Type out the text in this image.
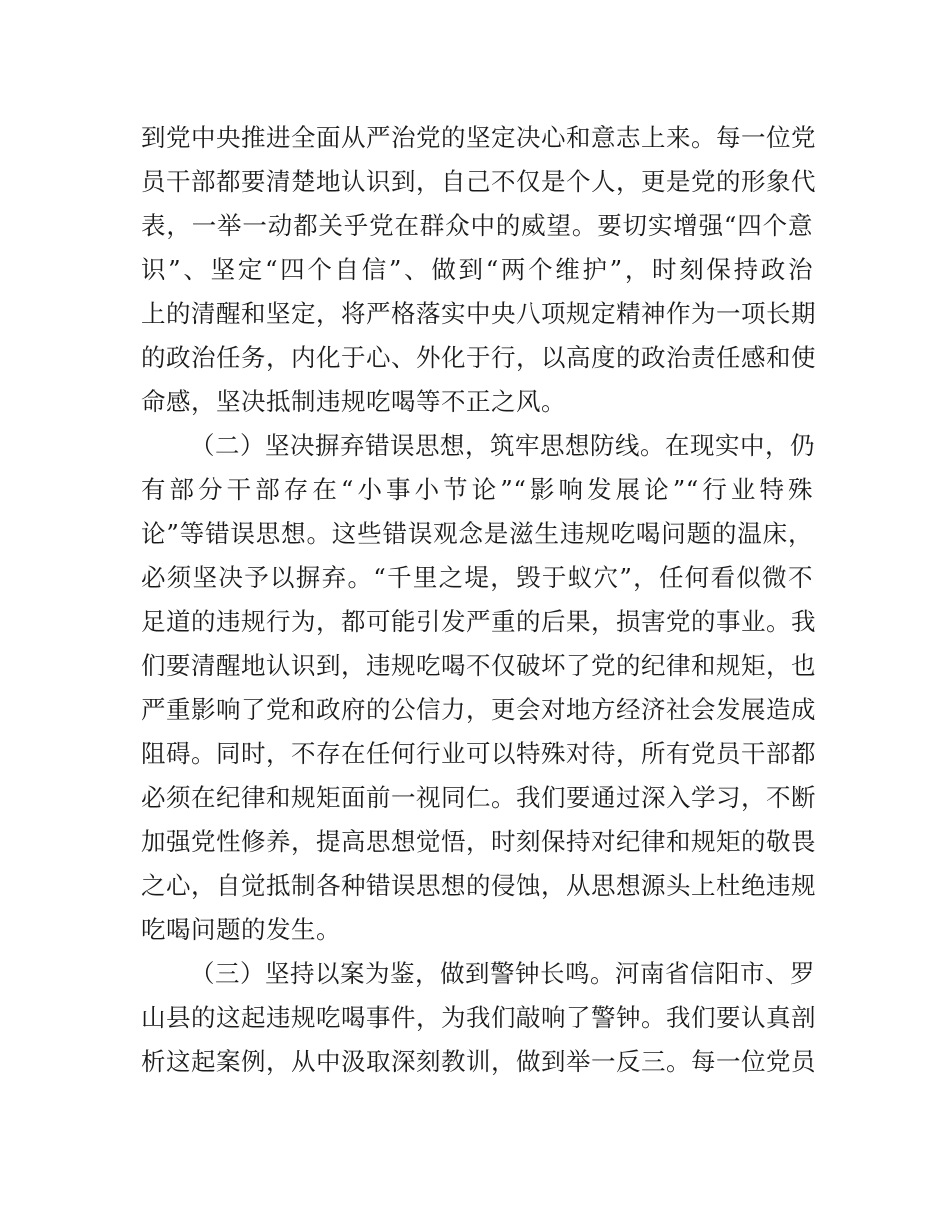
到党中央推进全面从严治党的坚定决心和意志上来。每一位党
员干部都要清楚地认识到，自己不仅是个人，更是党的形象代
表，一举一动都关乎党在群众中的威望。要切实增强“四个意
识”、坚定“四个自信”、做到“两个维护”，时刻保持政治
上的清醒和坚定，将严格落实中央八项规定精神作为一项长期
的政治任务，内化于心、外化于行，以高度的政治责任感和使
命感，坚决抵制违规吃喝等不正之风。
（二）坚决摒弃错误思想，筑牢思想防线。在现实中，仍
有部分干部存在“小事小节论”“影响发展论”“行业特殊
论”等错误思想。这些错误观念是滋生违规吃喝问题的温床，
必须坚决予以摒弃。“千里之堤，毁于蚁穴”，任何看似微不
足道的违规行为，都可能引发严重的后果，损害党的事业。我
们要清醒地认识到，违规吃喝不仅破坏了党的纪律和规矩，也
严重影响了党和政府的公信力，更会对地方经济社会发展造成
阻碍。同时，不存在任何行业可以特殊对待，所有党员干部都
必须在纪律和规矩面前一视同仁。我们要通过深入学习，不断
加强党性修养，提高思想觉悟，时刻保持对纪律和规矩的敬畏
之心，自觉抵制各种错误思想的侵蚀，从思想源头上杜绝违规
吃喝问题的发生。
（三）坚持以案为鉴，做到警钟长鸣。河南省信阳市、罗
山县的这起违规吃喝事件，为我们敲响了警钟。我们要认真剖
析这起案例，从中汲取深刻教训，做到举一反三。每一位党员
